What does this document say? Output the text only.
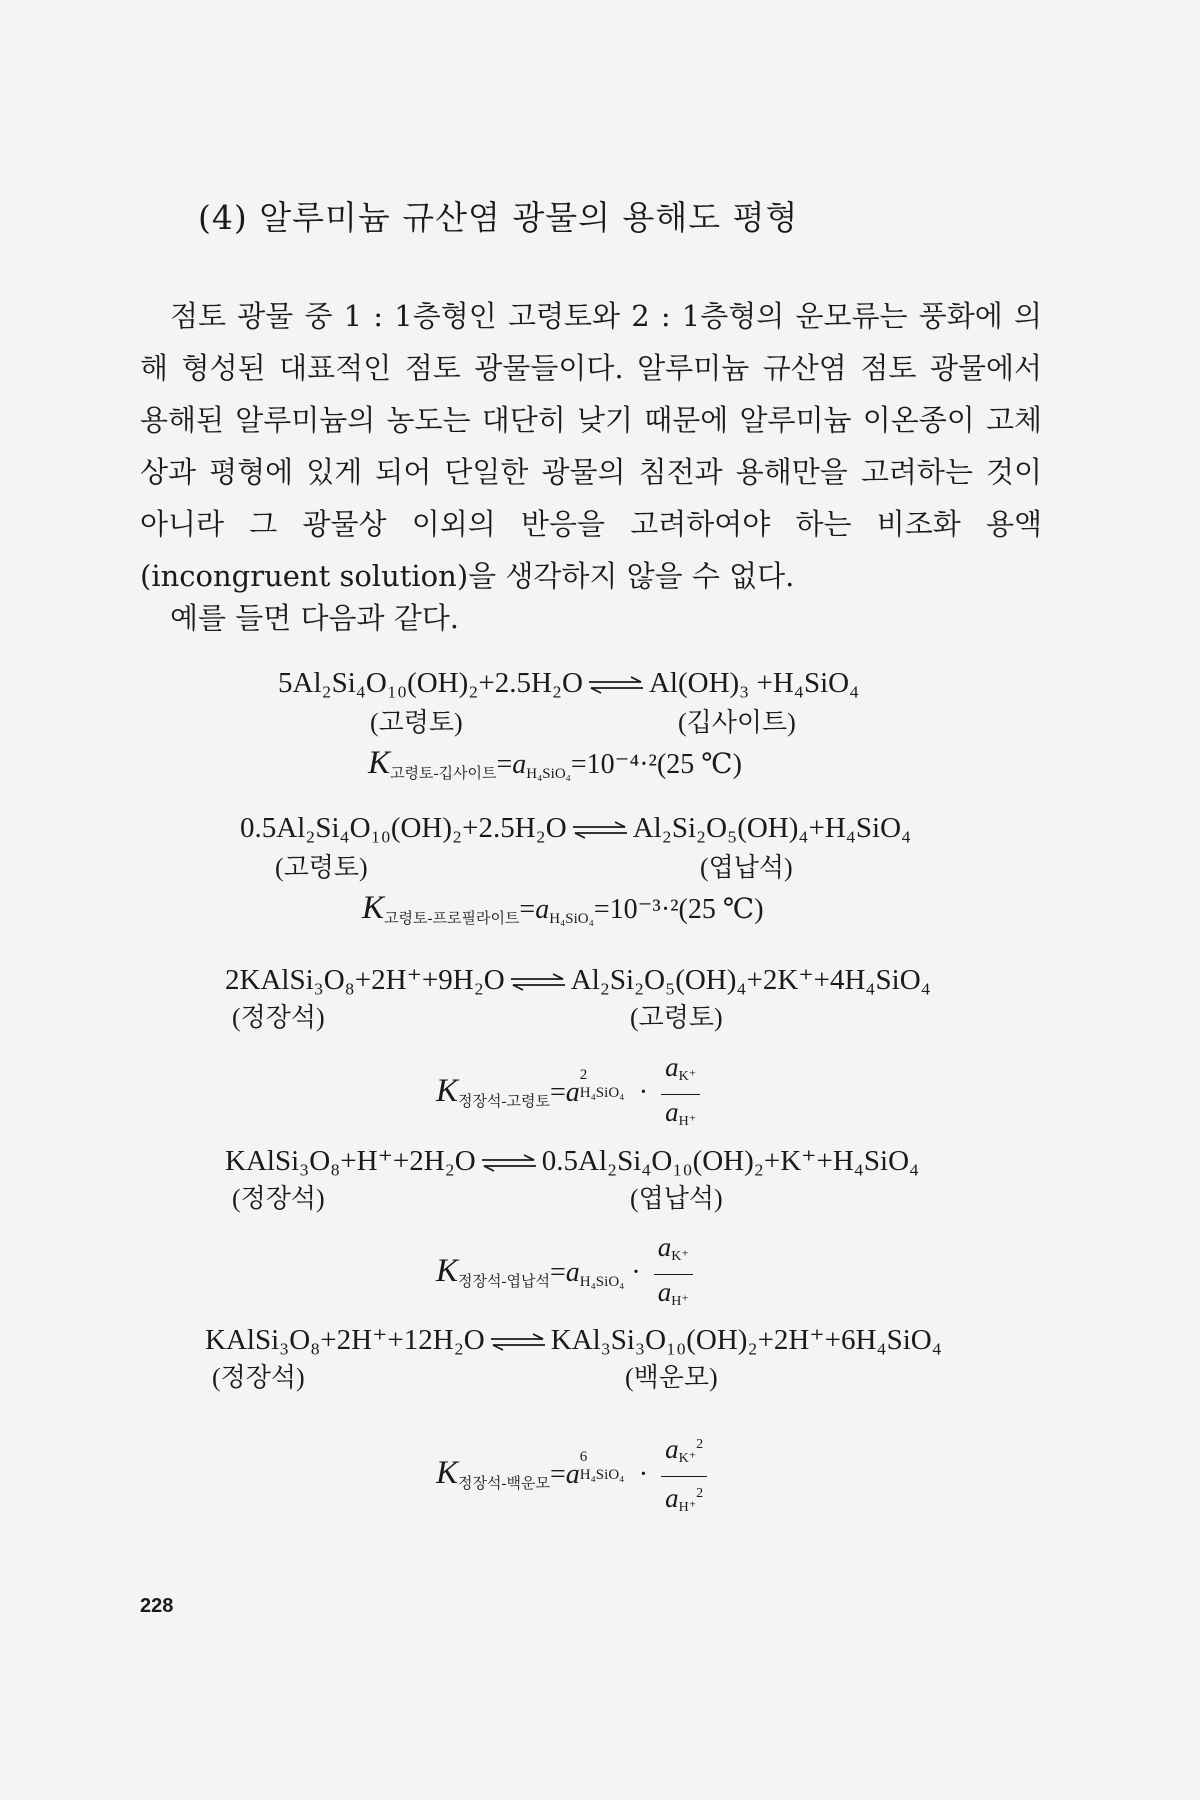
(4) 알루미늄 규산염 광물의 용해도 평형

점토 광물 중 1 : 1층형인 고령토와 2 : 1층형의 운모류는 풍화에 의해 형성된 대표적인 점토 광물들이다. 알루미늄 규산염 점토 광물에서 용해된 알루미늄의 농도는 대단히 낮기 때문에 알루미늄 이온종이 고체상과 평형에 있게 되어 단일한 광물의 침전과 용해만을 고려하는 것이 아니라 그 광물상 이외의 반응을 고려하여야 하는 비조화 용액(incongruent solution)을 생각하지 않을 수 없다.

예를 들면 다음과 같다.

5Al₂Si₄O₁₀(OH)₂+2.5H₂O ⇌ Al(OH)₃ +H₄SiO₄
(고령토)	(깁사이트)
$K_{고령토-깁사이트}=a_{H_4SiO_4}=10^{-4}\cdot^2(25$ ℃)
0.5Al₂Si₄O₁₀(OH)₂+2.5H₂O ⇌ Al₂Si₂O₅(OH)₄+H₄SiO₄
(고령토)	(엽납석)
$K_{고령토-프로필라이트}=a_{H_4SiO_4}=10^{-3}\cdot^2(25$ ℃)
2KAlSi₃O₈+2H⁺+9H₂O ⇌ Al₂Si₂O₅(OH)₄+2K⁺+4H₄SiO₄
(정장석)	(고령토)
$K_{정장석-고령토}=a$
2
$H_4SiO_4 \cdot \frac{a_{K^+}}{a_{H^+}}$
KAlSi₃O₈+H⁺+2H₂O ⇌ 0.5Al₂Si₄O₁₀(OH)₂+K⁺+H₄SiO₄
(정장석)	(엽납석)
$K_{정장석-엽납석}=a_{H_4SiO_4} \cdot \frac{a_{K^+}}{a_{H^+}}$
KAlSi₃O₈+2H⁺+12H₂O ⇌ KAl₃Si₃O₁₀(OH)₂+2H⁺+6H₄SiO₄
(정장석)	(백운모)
$K_{정장석-백운모}=a$
6
$H_4SiO_4 \cdot \frac{a_{K^+}^2}{a_{H^+}^2}$
228
